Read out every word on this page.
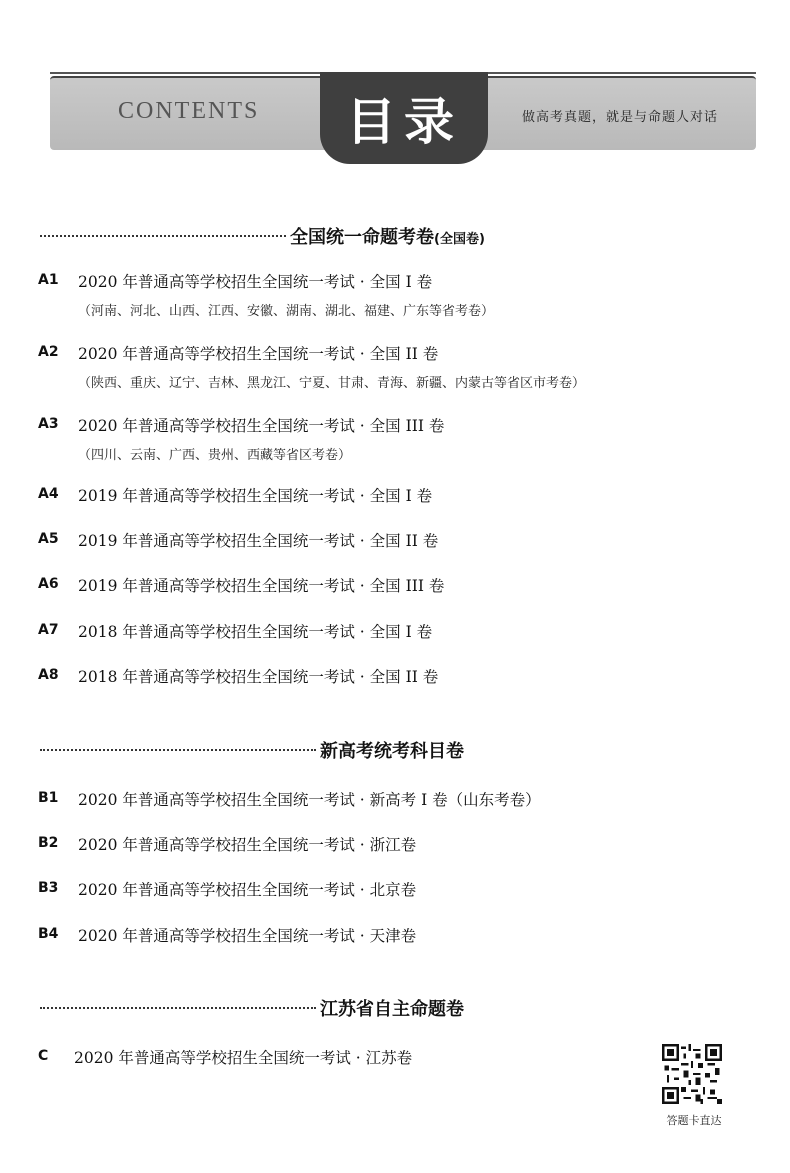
CONTENTS 目录	做高考真题，就是与命题人对话
全国统一命题考卷(全国卷)
A1 2020 年普通高等学校招生全国统一考试 · 全国 I 卷
（河南、河北、山西、江西、安徽、湖南、湖北、福建、广东等省考卷）
A2 2020 年普通高等学校招生全国统一考试 · 全国 II 卷
（陕西、重庆、辽宁、吉林、黑龙江、宁夏、甘肃、青海、新疆、内蒙古等省区市考卷）
A3 2020 年普通高等学校招生全国统一考试 · 全国 III 卷
（四川、云南、广西、贵州、西藏等省区考卷）
A4 2019 年普通高等学校招生全国统一考试 · 全国 I 卷
A5 2019 年普通高等学校招生全国统一考试 · 全国 II 卷
A6 2019 年普通高等学校招生全国统一考试 · 全国 III 卷
A7 2018 年普通高等学校招生全国统一考试 · 全国 I 卷
A8 2018 年普通高等学校招生全国统一考试 · 全国 II 卷
新高考统考科目卷
B1 2020 年普通高等学校招生全国统一考试 · 新高考 I 卷（山东考卷）
B2 2020 年普通高等学校招生全国统一考试 · 浙江卷
B3 2020 年普通高等学校招生全国统一考试 · 北京卷
B4 2020 年普通高等学校招生全国统一考试 · 天津卷
江苏省自主命题卷
C 2020 年普通高等学校招生全国统一考试 · 江苏卷
答题卡直达
